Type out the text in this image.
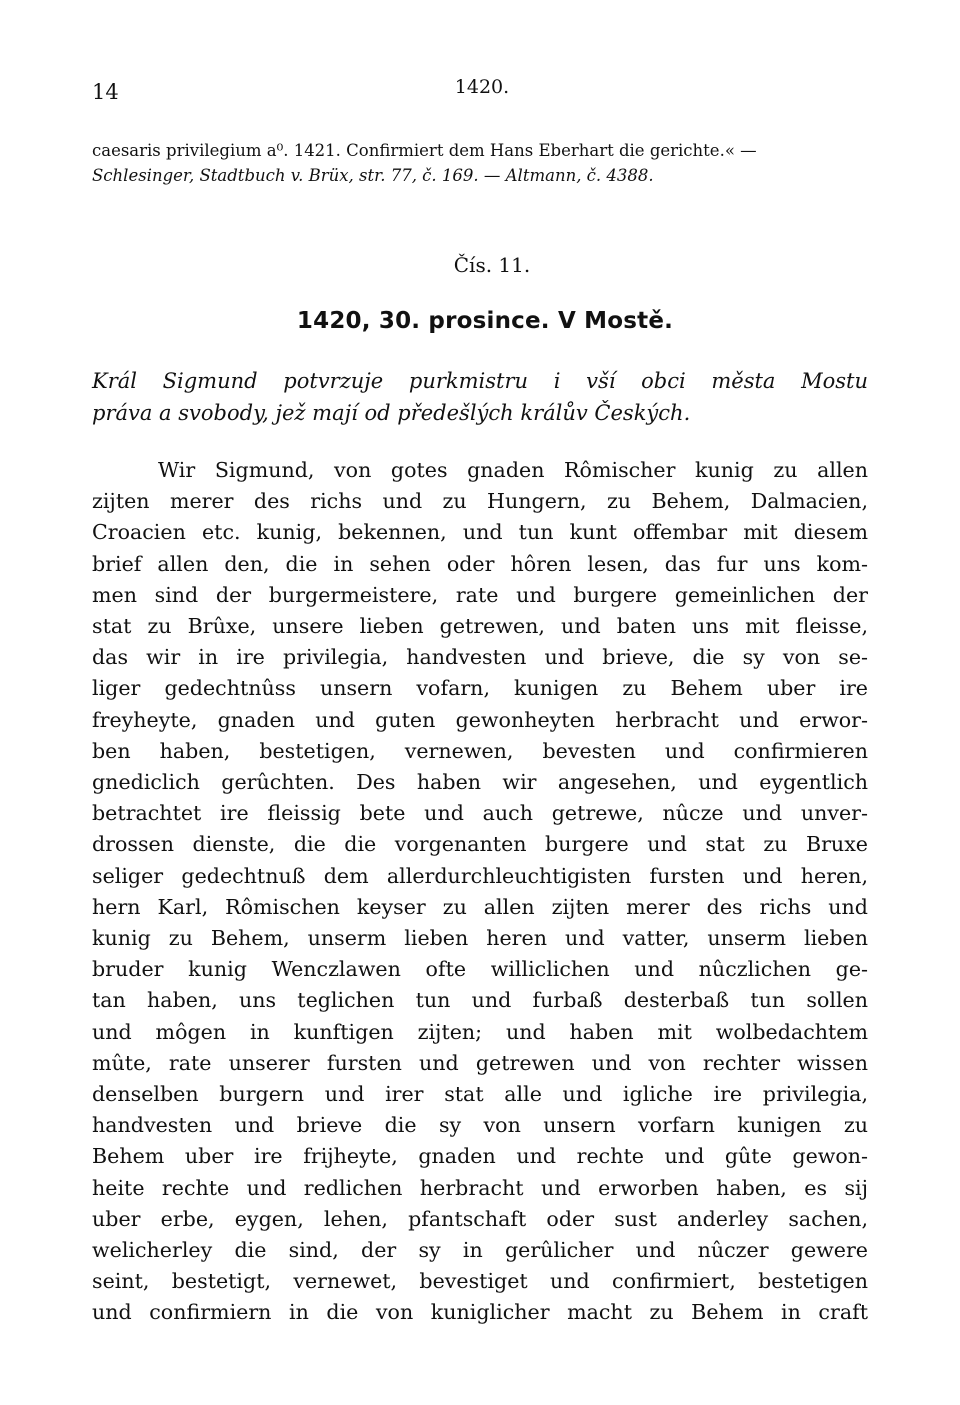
14	1420.
caesaris privilegium a⁰. 1421. Confirmiert dem Hans Eberhart die gerichte.« —
Schlesinger, Stadtbuch v. Brüx, str. 77, č. 169. — Altmann, č. 4388.
Čís. 11.
1420, 30. prosince. V Mostě.
Král Sigmund potvrzuje purkmistru i vší obci města Mostu
práva a svobody, jež mají od předešlých králův Českých.
Wir Sigmund, von gotes gnaden Rômischer kunig zu allen
zijten merer des richs und zu Hungern, zu Behem, Dalmacien,
Croacien etc. kunig, bekennen, und tun kunt offembar mit diesem
brief allen den, die in sehen oder hôren lesen, das fur uns kom-
men sind der burgermeistere, rate und burgere gemeinlichen der
stat zu Brûxe, unsere lieben getrewen, und baten uns mit fleisse,
das wir in ire privilegia, handvesten und brieve, die sy von se-
liger gedechtnûss unsern vofarn, kunigen zu Behem uber ire
freyheyte, gnaden und guten gewonheyten herbracht und erwor-
ben haben, bestetigen, vernewen, bevesten und confirmieren
gnediclich gerûchten. Des haben wir angesehen, und eygentlich
betrachtet ire fleissig bete und auch getrewe, nûcze und unver-
drossen dienste, die die vorgenanten burgere und stat zu Bruxe
seliger gedechtnuß dem allerdurchleuchtigisten fursten und heren,
hern Karl, Rômischen keyser zu allen zijten merer des richs und
kunig zu Behem, unserm lieben heren und vatter, unserm lieben
bruder kunig Wenczlawen ofte williclichen und nûczlichen ge-
tan haben, uns teglichen tun und furbaß desterbaß tun sollen
und môgen in kunftigen zijten; und haben mit wolbedachtem
mûte, rate unserer fursten und getrewen und von rechter wissen
denselben burgern und irer stat alle und igliche ire privilegia,
handvesten und brieve die sy von unsern vorfarn kunigen zu
Behem uber ire frijheyte, gnaden und rechte und gûte gewon-
heite rechte und redlichen herbracht und erworben haben, es sij
uber erbe, eygen, lehen, pfantschaft oder sust anderley sachen,
welicherley die sind, der sy in gerûlicher und nûczer gewere
seint, bestetigt, vernewet, bevestiget und confirmiert, bestetigen
und confirmiern in die von kuniglicher macht zu Behem in craft
